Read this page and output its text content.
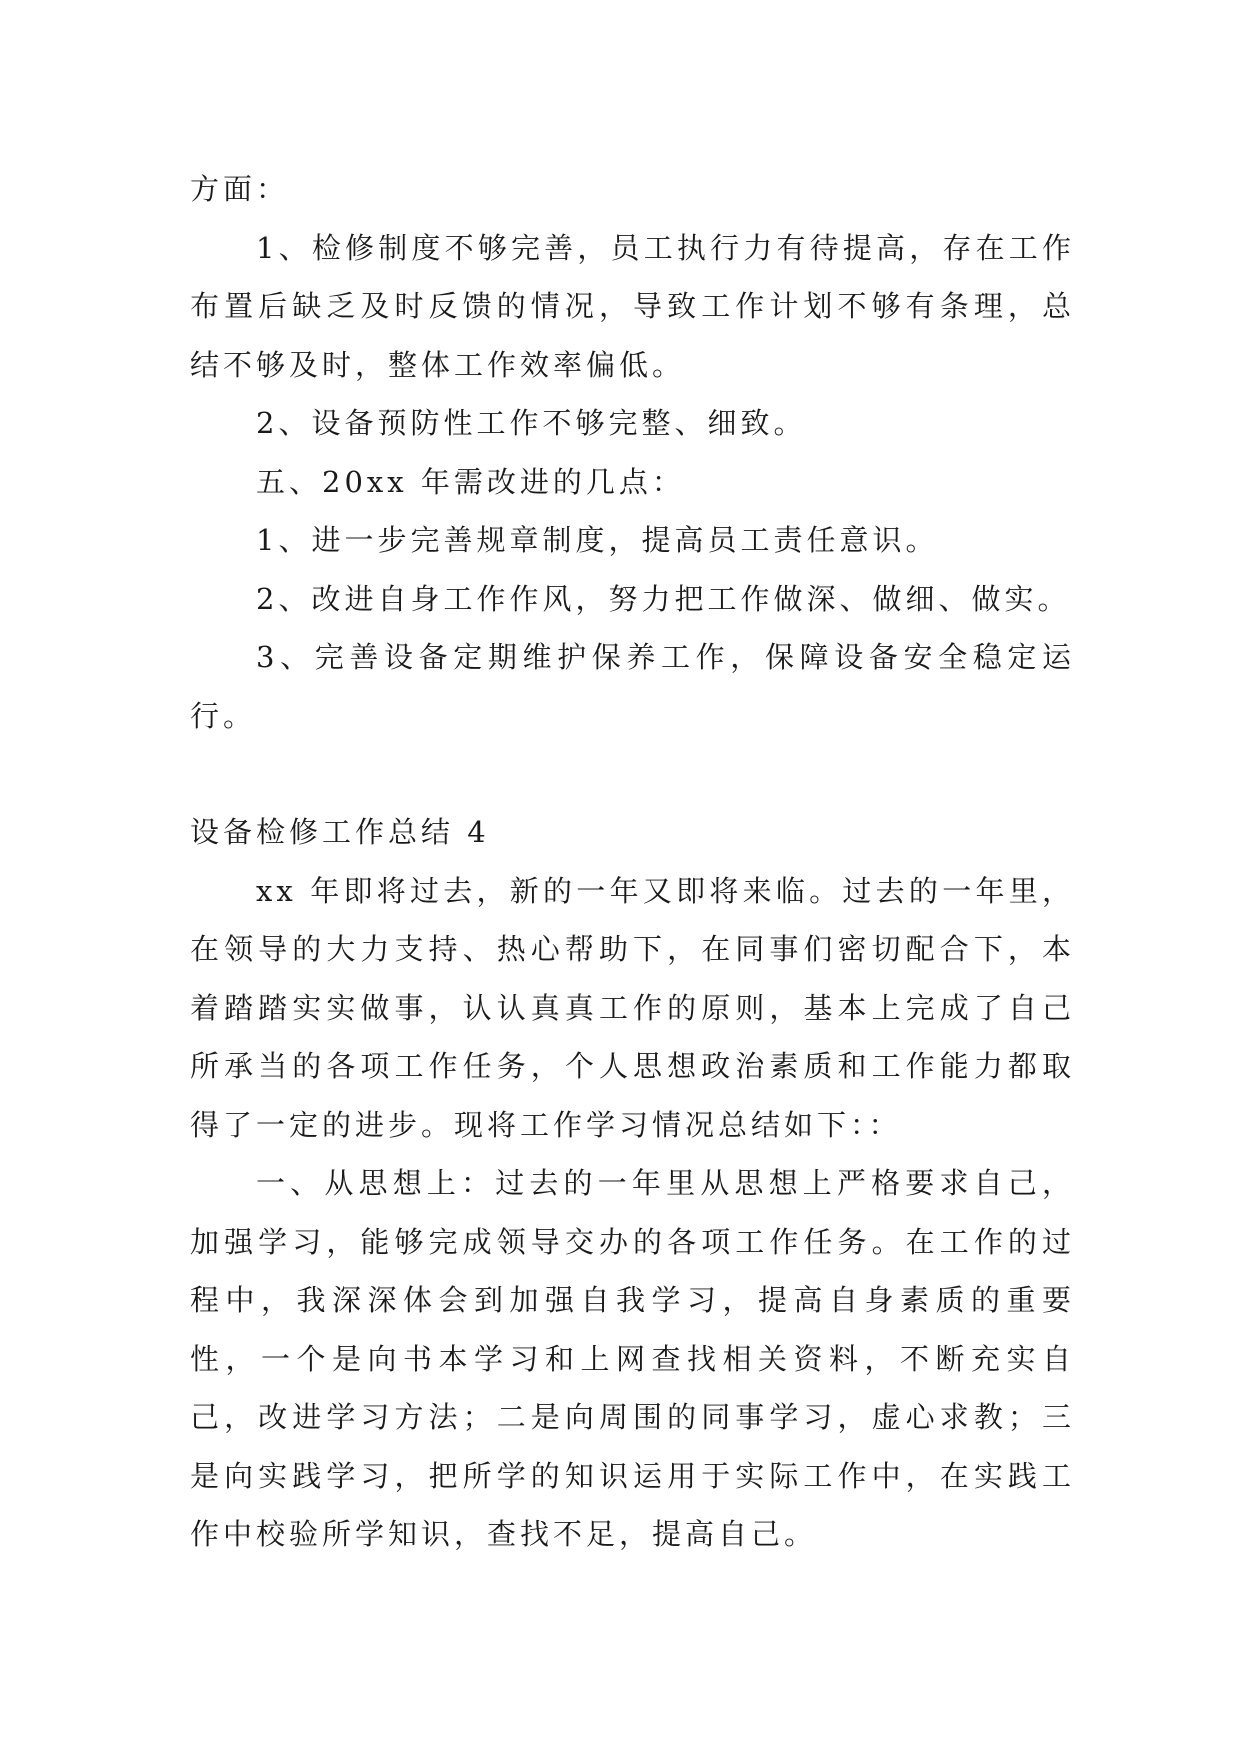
方面：

1、检修制度不够完善，员工执行力有待提高，存在工作布置后缺乏及时反馈的情况，导致工作计划不够有条理，总结不够及时，整体工作效率偏低。

2、设备预防性工作不够完整、细致。

五、20xx 年需改进的几点：

1、进一步完善规章制度，提高员工责任意识。

2、改进自身工作作风，努力把工作做深、做细、做实。

3、完善设备定期维护保养工作，保障设备安全稳定运行。

设备检修工作总结 4

xx 年即将过去，新的一年又即将来临。过去的一年里，在领导的大力支持、热心帮助下，在同事们密切配合下，本着踏踏实实做事，认认真真工作的原则，基本上完成了自己所承当的各项工作任务，个人思想政治素质和工作能力都取得了一定的进步。现将工作学习情况总结如下：：

一、从思想上：过去的一年里从思想上严格要求自己，加强学习，能够完成领导交办的各项工作任务。在工作的过程中，我深深体会到加强自我学习，提高自身素质的重要性，一个是向书本学习和上网查找相关资料，不断充实自己，改进学习方法；二是向周围的同事学习，虚心求教；三是向实践学习，把所学的知识运用于实际工作中，在实践工作中校验所学知识，查找不足，提高自己。
